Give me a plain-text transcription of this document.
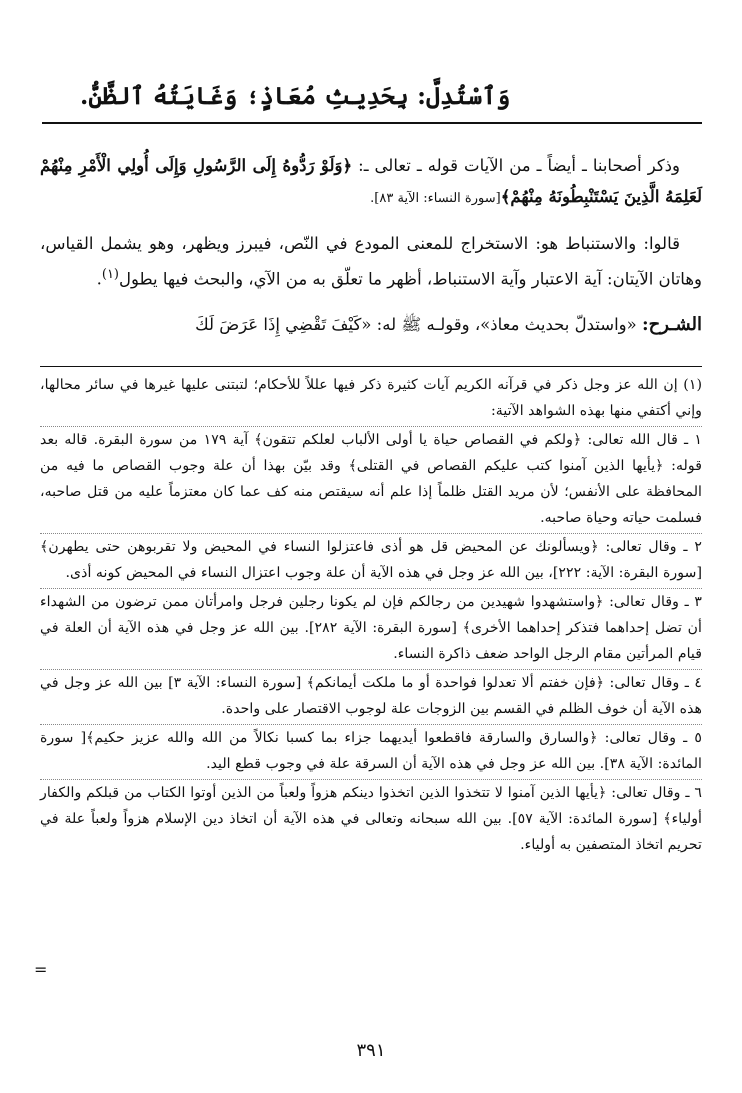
وَٱسْتُدِلَّ: بِحَدِيثِ مُعَاذٍ؛ وَغَايَتُهُ ٱلظَّنُّ.

وذكر أصحابنا ـ أيضاً ـ من الآيات قوله ـ تعالى ـ: ﴿وَلَوْ رَدُّوهُ إِلَى الرَّسُولِ وَإِلَى أُولِي الْأَمْرِ مِنْهُمْ لَعَلِمَهُ الَّذِينَ يَسْتَنْبِطُونَهُ مِنْهُمْ﴾[سورة النساء: الآية ٨٣].

قالوا: والاستنباط هو: الاستخراج للمعنى المودع في النّص، فيبرز ويظهر، وهو يشمل القياس، وهاتان الآيتان: آية الاعتبار وآية الاستنباط، أظهر ما تعلّق به من الآي، والبحث فيها يطول$^{(١)}$.

الشـرح: «واستدلّ بحديث معاذ»، وقولـه ﷺ له: «كَيْفَ تَقْضِي إِذَا عَرَضَ لَكَ

(١) إن الله عز وجل ذكر في قرآنه الكريم آيات كثيرة ذكر فيها عللاً للأحكام؛ لتبتنى عليها غيرها في سائر محالها، وإني أكتفي منها بهذه الشواهد الآتية:

١ ـ قال الله تعالى: ﴿ولكم في القصاص حياة يا أولى الألباب لعلكم تتقون﴾ آية ١٧٩ من سورة البقرة. قاله بعد قوله: ﴿يأيها الذين آمنوا كتب عليكم القصاص في القتلى﴾ وقد بيّن بهذا أن علة وجوب القصاص ما فيه من المحافظة على الأنفس؛ لأن مريد القتل ظلماً إذا علم أنه سيقتص منه كف عما كان معتزماً عليه من قتل صاحبه، فسلمت حياته وحياة صاحبه.

٢ ـ وقال تعالى: ﴿ويسألونك عن المحيض قل هو أذى فاعتزلوا النساء في المحيض ولا تقربوهن حتى يطهرن﴾[سورة البقرة: الآية: ٢٢٢]، بين الله عز وجل في هذه الآية أن علة وجوب اعتزال النساء في المحيض كونه أذى.

٣ ـ وقال تعالى: ﴿واستشهدوا شهيدين من رجالكم فإن لم يكونا رجلين فرجل وامرأتان ممن ترضون من الشهداء أن تضل إحداهما فتذكر إحداهما الأخرى﴾ [سورة البقرة: الآية ٢٨٢]. بين الله عز وجل في هذه الآية أن العلة في قيام المرأتين مقام الرجل الواحد ضعف ذاكرة النساء.

٤ ـ وقال تعالى: ﴿فإن خفتم ألا تعدلوا فواحدة أو ما ملكت أيمانكم﴾ [سورة النساء: الآية ٣] بين الله عز وجل في هذه الآية أن خوف الظلم في القسم بين الزوجات علة لوجوب الاقتصار على واحدة.

٥ ـ وقال تعالى: ﴿والسارق والسارقة فاقطعوا أيديهما جزاء بما كسبا نكالاً من الله والله عزيز حكيم﴾[ سورة المائدة: الآية ٣٨]. بين الله عز وجل في هذه الآية أن السرقة علة في وجوب قطع اليد.

٦ ـ وقال تعالى: ﴿يأيها الذين آمنوا لا تتخذوا الذين اتخذوا دينكم هزواً ولعباً من الذين أوتوا الكتاب من قبلكم والكفار أولياء﴾ [سورة المائدة: الآية ٥٧]. بين الله سبحانه وتعالى في هذه الآية أن اتخاذ دين الإسلام هزواً ولعباً علة في تحريم اتخاذ المتصفين به أولياء.

=
٣٩١
